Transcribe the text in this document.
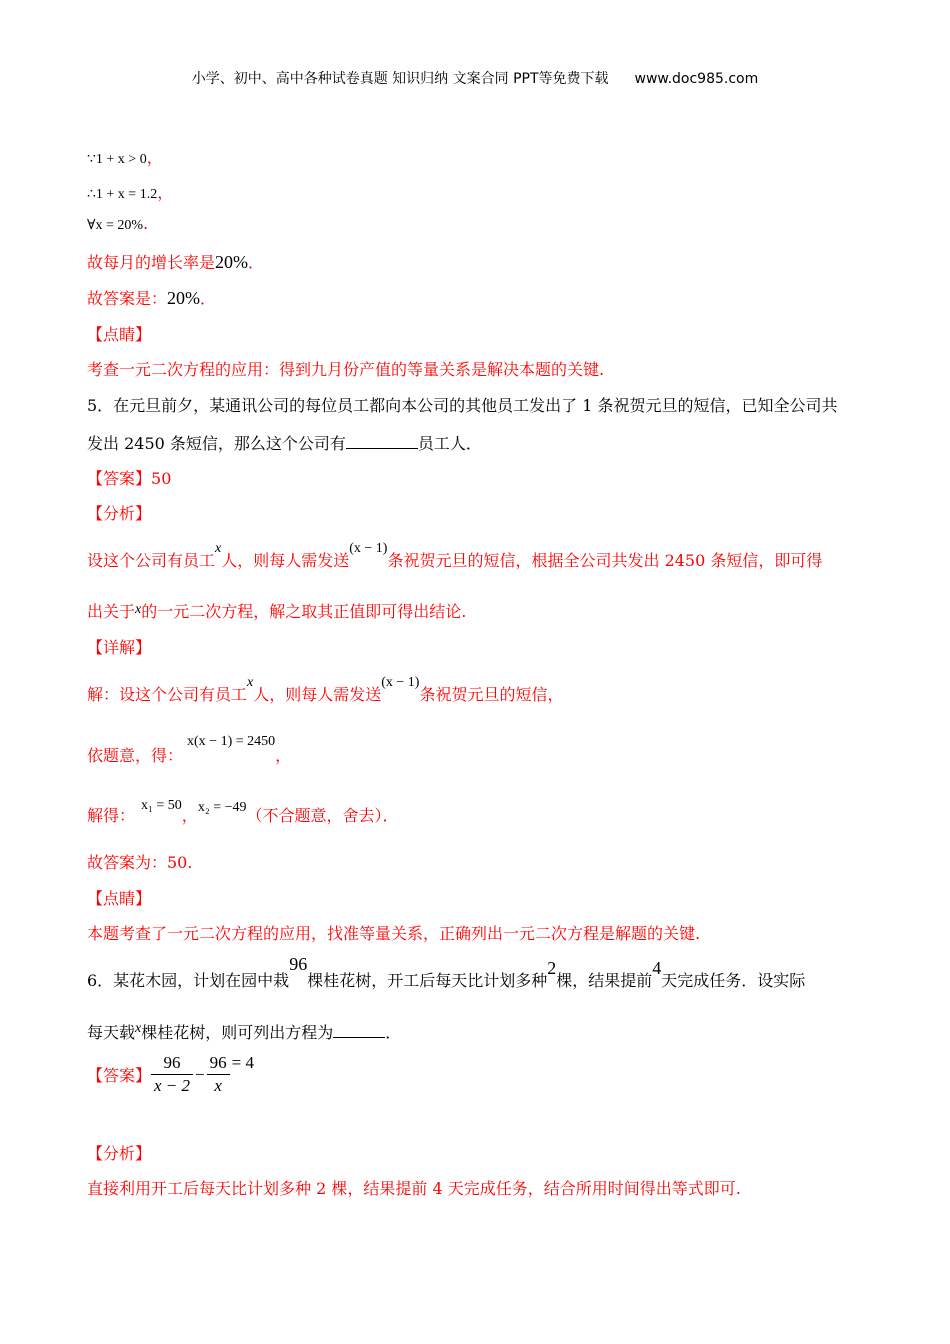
小学、初中、高中各种试卷真题 知识归纳 文案合同 PPT等免费下载 www.doc985.com
∵1 + x > 0，
∴1 + x = 1.2，
∀x = 20%.
故每月的增长率是20%．
故答案是：20%．
【点睛】
考查一元二次方程的应用：得到九月份产值的等量关系是解决本题的关键.
5．在元旦前夕，某通讯公司的每位员工都向本公司的其他员工发出了 1 条祝贺元旦的短信，已知全公司共
发出 2450 条短信，那么这个公司有	员工人．
【答案】50
【分析】
设这个公司有员工x人，则每人需发送(x − 1)条祝贺元旦的短信，根据全公司共发出 2450 条短信，即可得
出关于x的一元二次方程，解之取其正值即可得出结论.
【详解】
解：设这个公司有员工x人，则每人需发送(x − 1)条祝贺元旦的短信，
依题意，得：x(x − 1) = 2450，
解得：x₁ = 50，x₂ = −49（不合题意，舍去）．
故答案为：50.
【点睛】
本题考查了一元二次方程的应用，找准等量关系，正确列出一元二次方程是解题的关键.
6．某花木园，计划在园中栽96棵桂花树，开工后每天比计划多种2棵，结果提前4天完成任务．设实际
每天载x棵桂花树，则可列出方程为	．
【答案】 $\frac{96}{x - 2} - \frac{96}{x} = 4$
【分析】
直接利用开工后每天比计划多种 2 棵，结果提前 4 天完成任务，结合所用时间得出等式即可.
